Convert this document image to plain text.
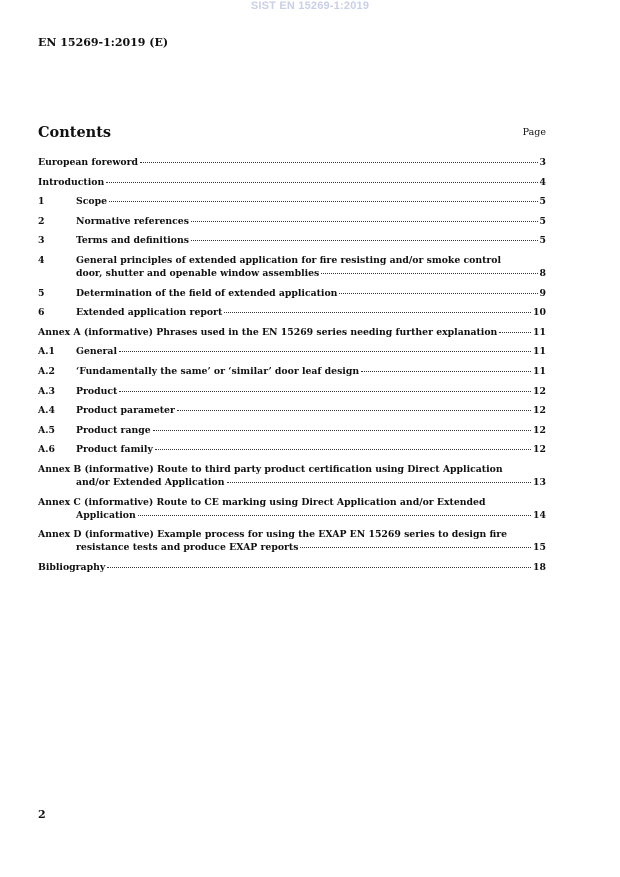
SIST EN 15269-1:2019
EN 15269-1:2019 (E)
Contents	Page
European foreword	3
Introduction	4
1	Scope	5
2	Normative references	5
3	Terms and definitions	5
4	General principles of extended application for fire resisting and/or smoke control
door, shutter and openable window assemblies	8
5	Determination of the field of extended application	9
6	Extended application report	10
Annex A (informative) Phrases used in the EN 15269 series needing further explanation	11
A.1	General	11
A.2	‘Fundamentally the same’ or ‘similar’ door leaf design	11
A.3	Product	12
A.4	Product parameter	12
A.5	Product range	12
A.6	Product family	12
Annex B (informative) Route to third party product certification using Direct Application
and/or Extended Application	13
Annex C (informative) Route to CE marking using Direct Application and/or Extended
Application	14
Annex D (informative) Example process for using the EXAP EN 15269 series to design fire
resistance tests and produce EXAP reports	15
Bibliography	18
2
